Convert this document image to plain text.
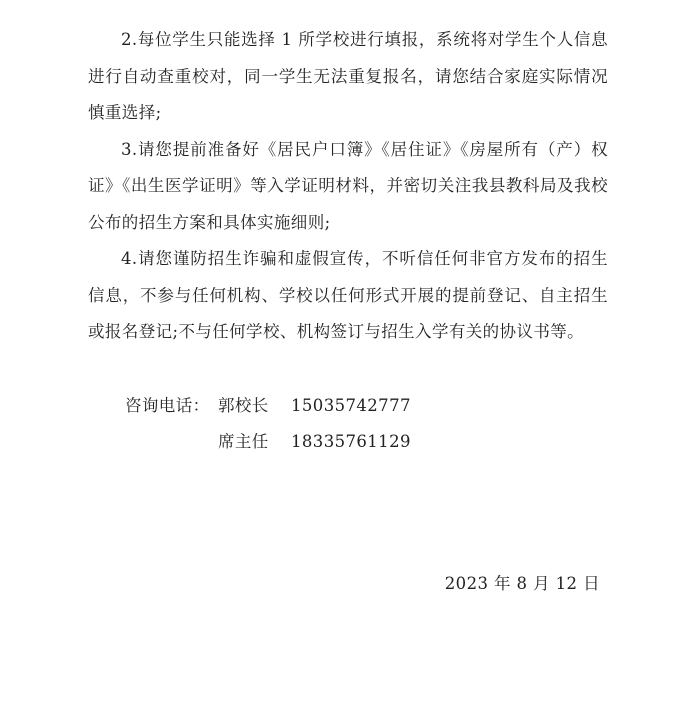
2.每位学生只能选择 1 所学校进行填报，系统将对学生个人信息进行自动查重校对，同一学生无法重复报名，请您结合家庭实际情况慎重选择;

3.请您提前准备好《居民户口簿》《居住证》《房屋所有（产）权证》《出生医学证明》等入学证明材料，并密切关注我县教科局及我校公布的招生方案和具体实施细则;

4.请您谨防招生诈骗和虚假宣传，不听信任何非官方发布的招生信息，不参与任何机构、学校以任何形式开展的提前登记、自主招生或报名登记;不与任何学校、机构签订与招生入学有关的协议书等。

咨询电话： 郭校长	15035742777
席主任	18335761129
2023 年 8 月 12 日
